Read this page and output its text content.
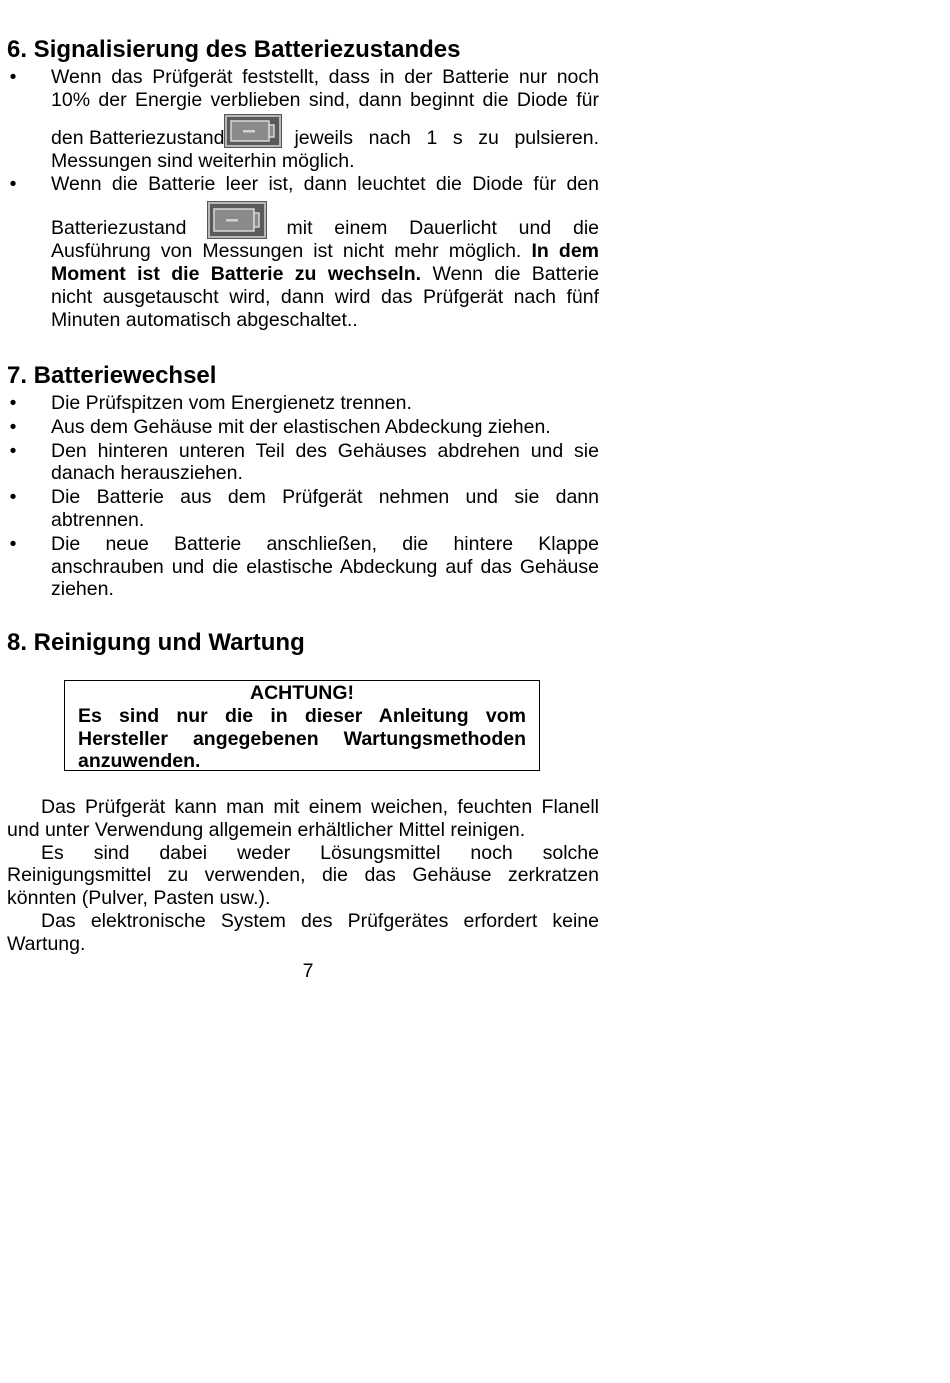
6. Signalisierung des Batteriezustandes
• Wenn das Prüfgerät feststellt, dass in der Batterie nur noch
10% der Energie verblieben sind, dann beginnt die Diode für
den Batteriezustand	jeweils nach 1 s zu pulsieren.
Messungen sind weiterhin möglich.
• Wenn die Batterie leer ist, dann leuchtet die Diode für den
Batteriezustand	mit einem Dauerlicht und die
Ausführung von Messungen ist nicht mehr möglich. In dem
Moment ist die Batterie zu wechseln. Wenn die Batterie
nicht ausgetauscht wird, dann wird das Prüfgerät nach fünf
Minuten automatisch abgeschaltet..
7. Batteriewechsel
• Die Prüfspitzen vom Energienetz trennen.
• Aus dem Gehäuse mit der elastischen Abdeckung ziehen.
• Den hinteren unteren Teil des Gehäuses abdrehen und sie
danach herausziehen.
• Die Batterie aus dem Prüfgerät nehmen und sie dann
abtrennen.
• Die neue Batterie anschließen, die hintere Klappe
anschrauben und die elastische Abdeckung auf das Gehäuse
ziehen.
8. Reinigung und Wartung
ACHTUNG!
Es sind nur die in dieser Anleitung vom
Hersteller angegebenen Wartungsmethoden
anzuwenden.
Das Prüfgerät kann man mit einem weichen, feuchten Flanell
und unter Verwendung allgemein erhältlicher Mittel reinigen.
Es sind dabei weder Lösungsmittel noch solche
Reinigungsmittel zu verwenden, die das Gehäuse zerkratzen
könnten (Pulver, Pasten usw.).
Das elektronische System des Prüfgerätes erfordert keine
Wartung.
7
